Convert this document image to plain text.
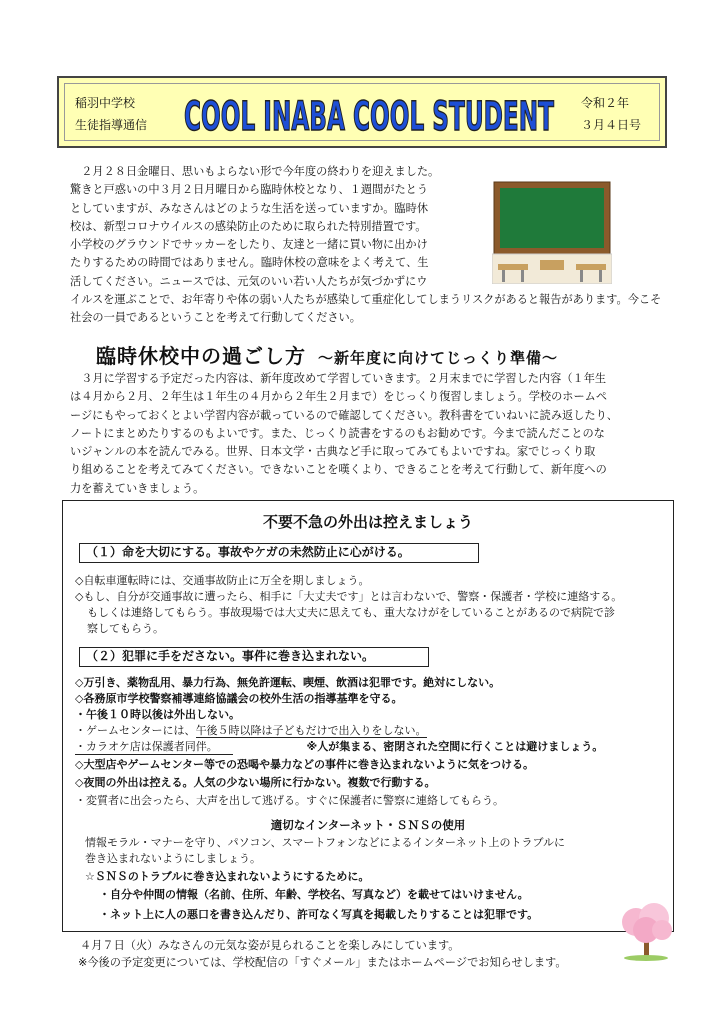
稲羽中学校
生徒指導通信 COOL INABA COOL STUDENT 令和２年
３月４日号
２月２８日金曜日、思いもよらない形で今年度の終わりを迎えました。
驚きと戸惑いの中３月２日月曜日から臨時休校となり、１週間がたとう
としていますが、みなさんはどのような生活を送っていますか。臨時休
校は、新型コロナウイルスの感染防止のために取られた特別措置です。
小学校のグラウンドでサッカーをしたり、友達と一緒に買い物に出かけ
たりするための時間ではありません。臨時休校の意味をよく考えて、生
活してください。ニュースでは、元気のいい若い人たちが気づかずにウ
イルスを運ぶことで、お年寄りや体の弱い人たちが感染して重症化してしまうリスクがあると報告があります。今こそ社会の一員であるということを考えて行動してください。
臨時休校中の過ごし方 ～新年度に向けてじっくり準備～
３月に学習する予定だった内容は、新年度改めて学習していきます。２月末までに学習した内容（１年生
は４月から２月、２年生は１年生の４月から２年生２月まで）をじっくり復習しましょう。学校のホームペ
ージにもやっておくとよい学習内容が載っているので確認してください。教科書をていねいに読み返したり、
ノートにまとめたりするのもよいです。また、じっくり読書をするのもお勧めです。今まで読んだことのな
いジャンルの本を読んでみる。世界、日本文学・古典など手に取ってみてもよいですね。家でじっくり取
り組めることを考えてみてください。できないことを嘆くより、できることを考えて行動して、新年度への
力を蓄えていきましょう。
不要不急の外出は控えましょう
（１）命を大切にする。事故やケガの未然防止に心がける。
◇自転車運転時には、交通事故防止に万全を期しましょう。
◇もし、自分が交通事故に遭ったら、相手に「大丈夫です」とは言わないで、警察・保護者・学校に連絡する。
もしくは連絡してもらう。事故現場では大丈夫に思えても、重大なけがをしていることがあるので病院で診
察してもらう。
（２）犯罪に手をださない。事件に巻き込まれない。
◇万引き、薬物乱用、暴力行為、無免許運転、喫煙、飲酒は犯罪です。絶対にしない。
◇各務原市学校警察補導連絡協議会の校外生活の指導基準を守る。
・午後１０時以後は外出しない。
・ゲームセンターには、午後５時以降は子どもだけで出入りをしない。
・カラオケ店は保護者同伴。	※人が集まる、密閉された空間に行くことは避けましょう。
◇大型店やゲームセンター等での恐喝や暴力などの事件に巻き込まれないように気をつける。
◇夜間の外出は控える。人気の少ない場所に行かない。複数で行動する。
・変質者に出会ったら、大声を出して逃げる。すぐに保護者に警察に連絡してもらう。
適切なインターネット・ＳＮＳの使用
情報モラル・マナーを守り、パソコン、スマートフォンなどによるインターネット上のトラブルに
巻き込まれないようにしましょう。
☆ＳＮＳのトラブルに巻き込まれないようにするために。
・自分や仲間の情報（名前、住所、年齢、学校名、写真など）を載せてはいけません。
・ネット上に人の悪口を書き込んだり、許可なく写真を掲載したりすることは犯罪です。
４月７日（火）みなさんの元気な姿が見られることを楽しみにしています。
※今後の予定変更については、学校配信の「すぐメール」またはホームページでお知らせします。
